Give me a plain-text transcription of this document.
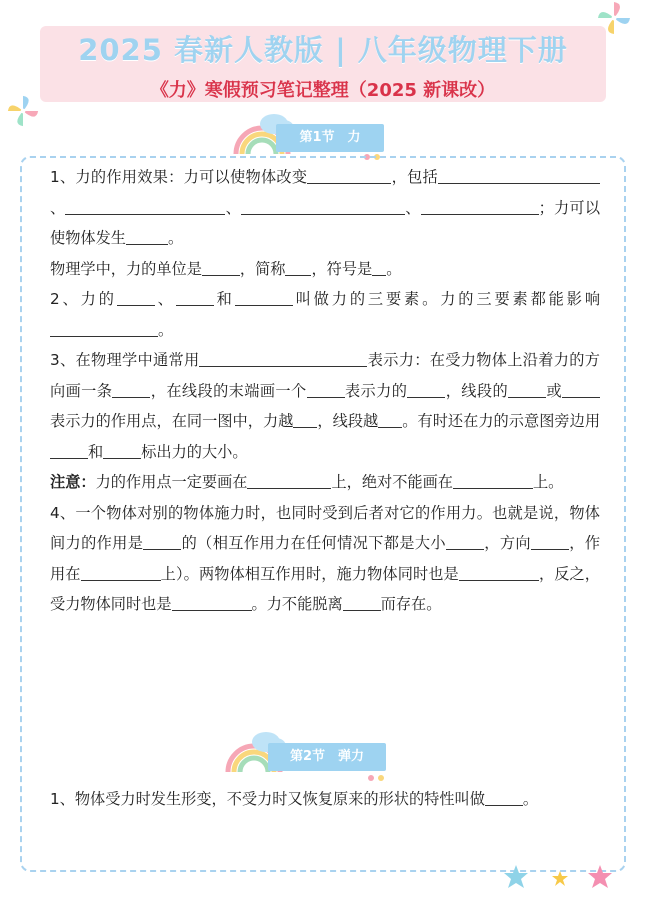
2025 春新人教版 | 八年级物理下册
《力》寒假预习笔记整理（2025 新课改）
第1节　力

1、力的作用效果：力可以使物体改变	，包括、	、	、	；力可以使物体发生	。

物理学中，力的单位是	，简称 ，符号是 。

2、力的	、	和	叫做力的三要素。力的三要素都能影响。

3、在物理学中通常用	表示力：在受力物体上沿着力的方向画一条	，在线段的末端画一个	表示力的	，线段的	或表示力的作用点，在同一图中，力越 ，线段越 。有时还在力的示意图旁边用和	标出力的大小。

注意：力的作用点一定要画在	上，绝对不能画在	上。

4、一个物体对别的物体施力时，也同时受到后者对它的作用力。也就是说，物体间力的作用是	的（相互作用力在任何情况下都是大小	，方向	，作用在	上）。两物体相互作用时，施力物体同时也是	，反之，受力物体同时也是	。力不能脱离	而存在。

第2节　弹力

1、物体受力时发生形变，不受力时又恢复原来的形状的特性叫做	。
